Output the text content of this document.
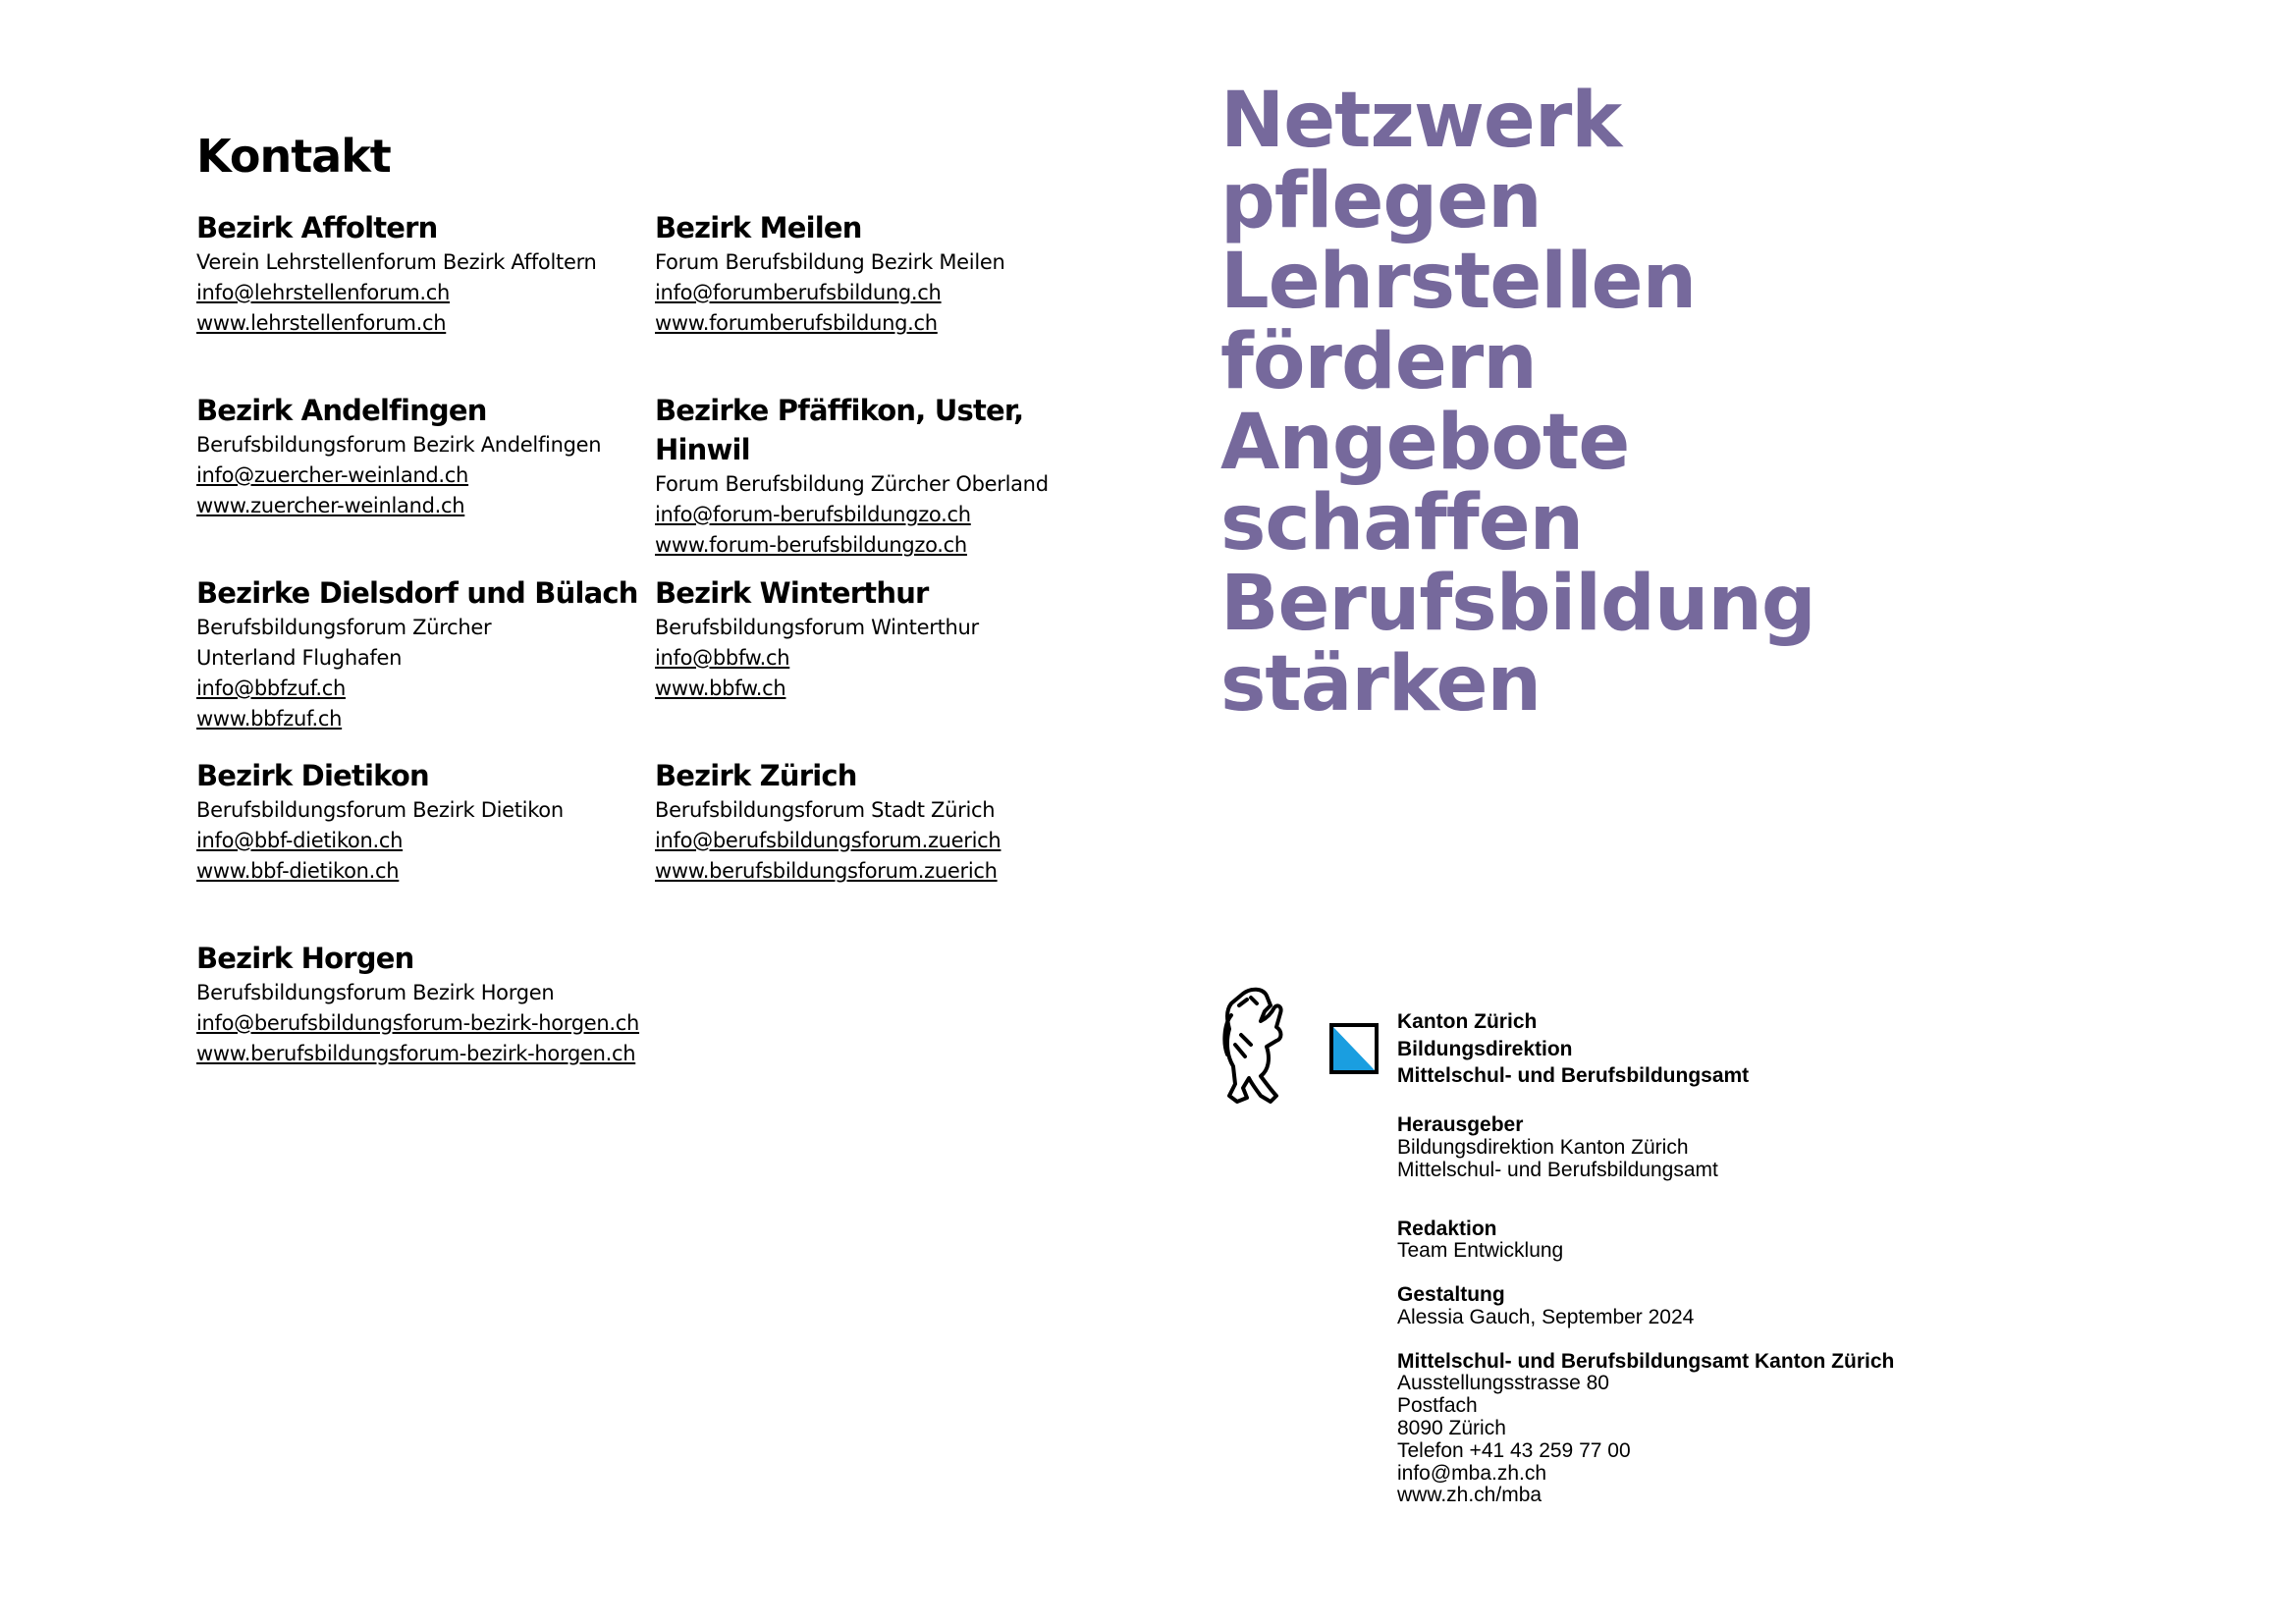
Kontakt
Bezirk Affoltern
Verein Lehrstellenforum Bezirk Affoltern
info@lehrstellenforum.ch
www.lehrstellenforum.ch
Bezirk Meilen
Forum Berufsbildung Bezirk Meilen
info@forumberufsbildung.ch
www.forumberufsbildung.ch
Bezirk Andelfingen
Berufsbildungsforum Bezirk Andelfingen
info@zuercher-weinland.ch
www.zuercher-weinland.ch
Bezirke Pfäffikon, Uster, Hinwil
Forum Berufsbildung Zürcher Oberland
info@forum-berufsbildungzo.ch
www.forum-berufsbildungzo.ch
Bezirke Dielsdorf und Bülach
Berufsbildungsforum Zürcher
Unterland Flughafen
info@bbfzuf.ch
www.bbfzuf.ch
Bezirk Winterthur
Berufsbildungsforum Winterthur
info@bbfw.ch
www.bbfw.ch
Bezirk Dietikon
Berufsbildungsforum Bezirk Dietikon
info@bbf-dietikon.ch
www.bbf-dietikon.ch
Bezirk Zürich
Berufsbildungsforum Stadt Zürich
info@berufsbildungsforum.zuerich
www.berufsbildungsforum.zuerich
Bezirk Horgen
Berufsbildungsforum Bezirk Horgen
info@berufsbildungsforum-bezirk-horgen.ch
www.berufsbildungsforum-bezirk-horgen.ch
Netzwerk
pflegen
Lehrstellen
fördern
Angebote
schaffen
Berufsbildung
stärken
Kanton Zürich
Bildungsdirektion
Mittelschul- und Berufsbildungsamt
Herausgeber
Bildungsdirektion Kanton Zürich
Mittelschul- und Berufsbildungsamt
Redaktion
Team Entwicklung
Gestaltung
Alessia Gauch, September 2024
Mittelschul- und Berufsbildungsamt Kanton Zürich
Ausstellungsstrasse 80
Postfach
8090 Zürich
Telefon +41 43 259 77 00
info@mba.zh.ch
www.zh.ch/mba
